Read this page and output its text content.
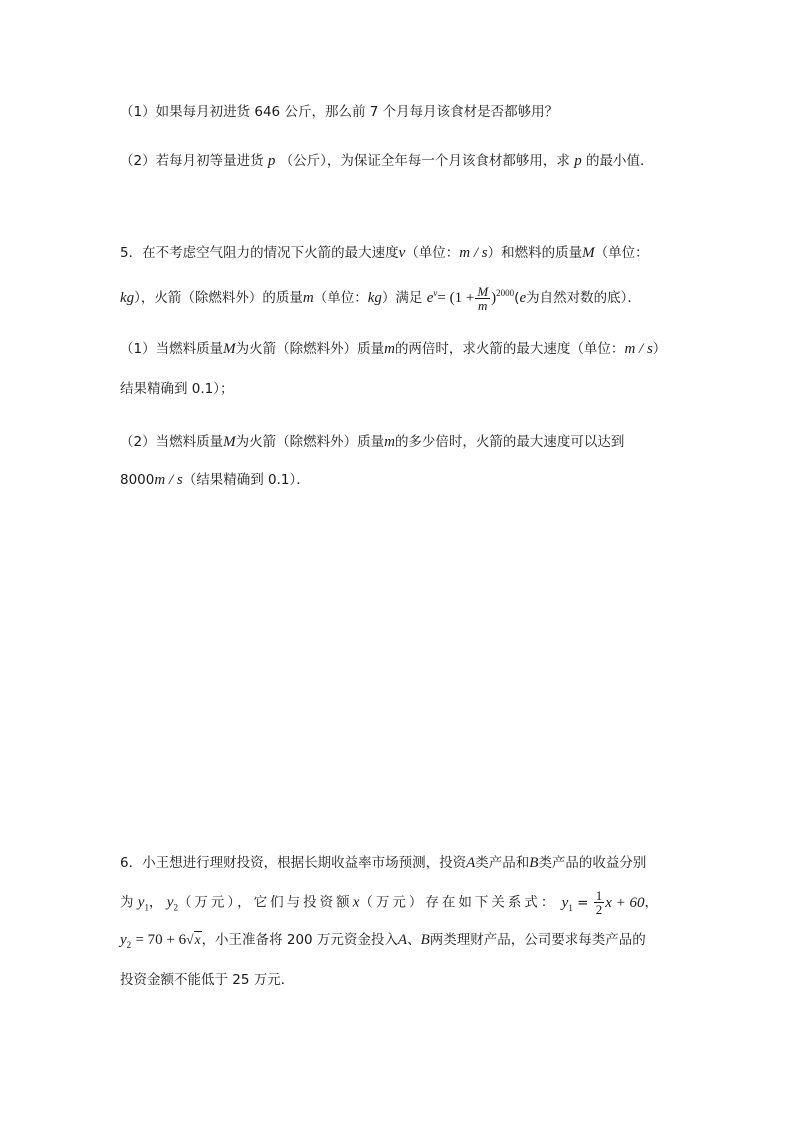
（1）如果每月初进货 646 公斤，那么前 7 个月每月该食材是否都够用？
（2）若每月初等量进货 p （公斤），为保证全年每一个月该食材都够用，求 p 的最小值．
5．在不考虑空气阻力的情况下火箭的最大速度v（单位：m / s）和燃料的质量M（单位：
kg），火箭（除燃料外）的质量m（单位：kg）满足 $e^v= (1 + \frac{M}{m} )^{2000}(e$为自然对数的底）．
（1）当燃料质量M为火箭（除燃料外）质量m的两倍时，求火箭的最大速度（单位：m / s）
结果精确到 0.1）；
（2）当燃料质量M为火箭（除燃料外）质量m的多少倍时，火箭的最大速度可以达到
8000m / s（结果精确到 0.1）．
6．小王想进行理财投资，根据长期收益率市场预测，投资A类产品和B类产品的收益分别
为 $y_1$， $y_2$（万元），它们与投资额x（万元）存在如下关系式： $y_1 = \frac{1}{2}$ x + 60，
$y_2 = 70 + 6√x$，小王准备将 200 万元资金投入A、B两类理财产品，公司要求每类产品的
投资金额不能低于 25 万元．
